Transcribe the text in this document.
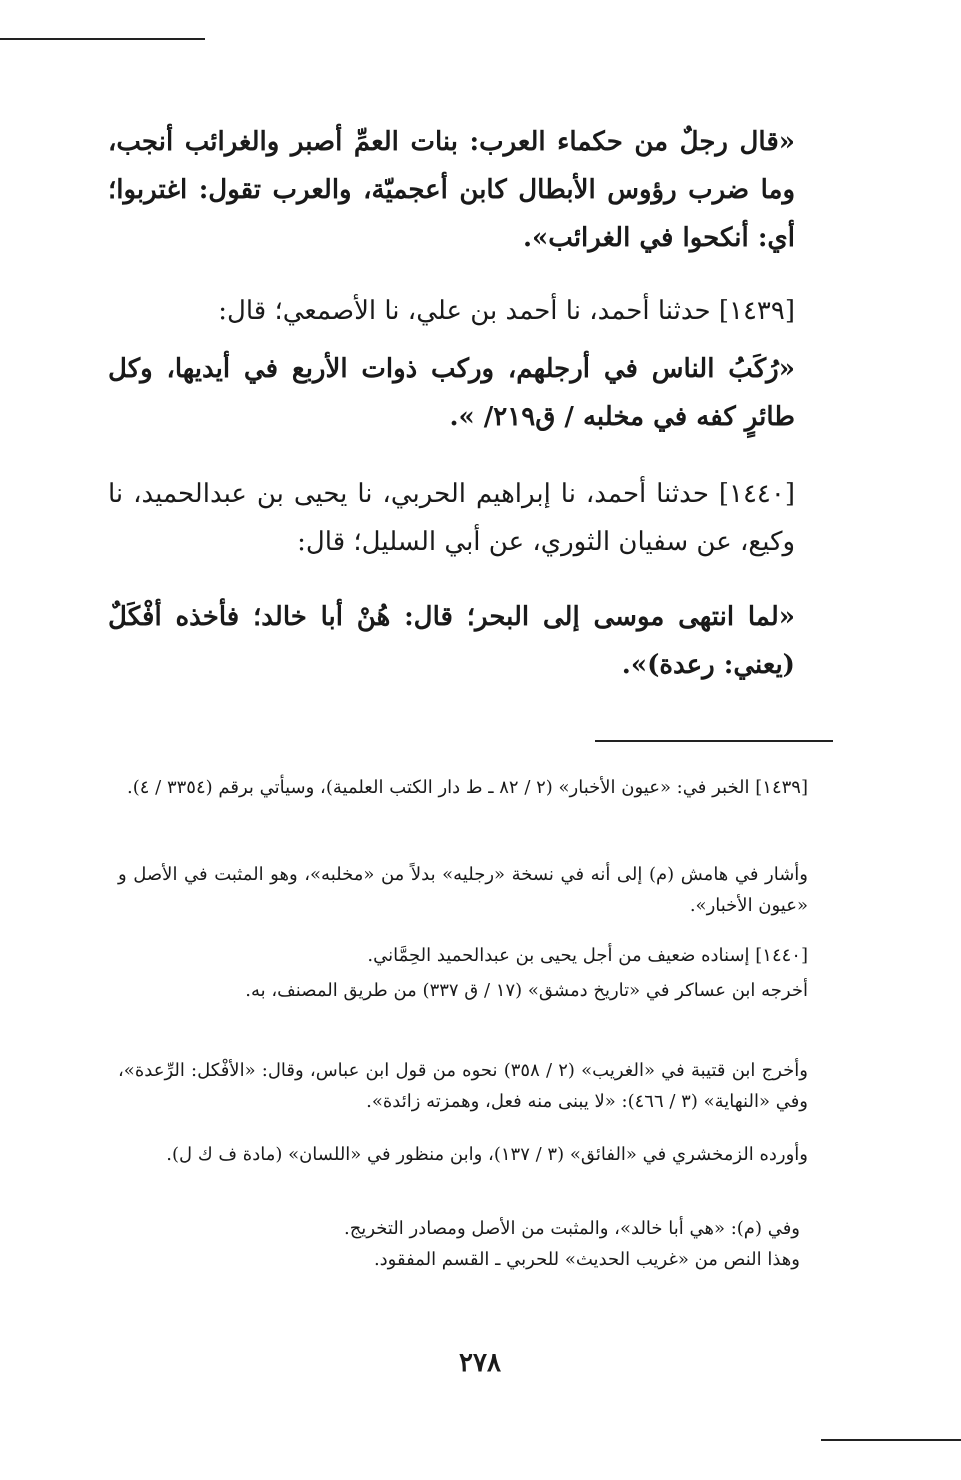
«قال رجلٌ من حكماء العرب: بنات العمِّ أصبر والغرائب أنجب، وما ضرب رؤوس الأبطال كابن أعجميّة، والعرب تقول: اغتربوا؛ أي: أنكحوا في الغرائب».

[١٤٣٩] حدثنا أحمد، نا أحمد بن علي، نا الأصمعي؛ قال:

«رُكَبُ الناس في أرجلهم، وركب ذوات الأربع في أيديها، وكل طائرٍ كفه في مخلبه / ق٢١٩/ ».

[١٤٤٠] حدثنا أحمد، نا إبراهيم الحربي، نا يحيى بن عبدالحميد، نا وكيع، عن سفيان الثوري، عن أبي السليل؛ قال:

«لما انتهى موسى إلى البحر؛ قال: هُنْ أبا خالد؛ فأخذه أفْكَلٌ (يعني: رعدة)».

[١٤٣٩] الخبر في: «عيون الأخبار» (٢ / ٨٢ ـ ط دار الكتب العلمية)، وسيأتي برقم (٣٣٥٤ / ٤).

وأشار في هامش (م) إلى أنه في نسخة «رجليه» بدلاً من «مخلبه»، وهو المثبت في الأصل و «عيون الأخبار».

[١٤٤٠] إسناده ضعيف من أجل يحيى بن عبدالحميد الحِمَّاني.

أخرجه ابن عساكر في «تاريخ دمشق» (١٧ / ق ٣٣٧) من طريق المصنف، به.

وأخرج ابن قتيبة في «الغريب» (٢ / ٣٥٨) نحوه من قول ابن عباس، وقال: «الأفْكل: الرِّعدة»، وفي «النهاية» (٣ / ٤٦٦): «لا يبنى منه فعل، وهمزته زائدة».

وأورده الزمخشري في «الفائق» (٣ / ١٣٧)، وابن منظور في «اللسان» (مادة ف ك ل).

وفي (م): «هي أبا خالد»، والمثبت من الأصل ومصادر التخريج.

وهذا النص من «غريب الحديث» للحربي ـ القسم المفقود.

٢٧٨
